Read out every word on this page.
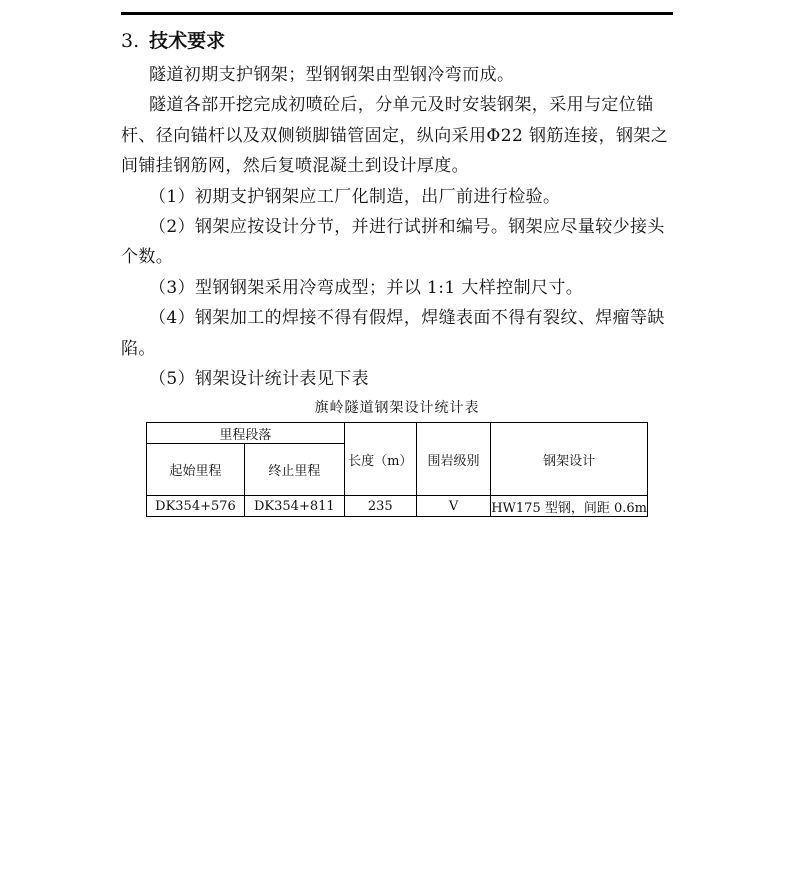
3. 技术要求

隧道初期支护钢架；型钢钢架由型钢冷弯而成。

隧道各部开挖完成初喷砼后，分单元及时安装钢架，采用与定位锚杆、径向锚杆以及双侧锁脚锚管固定，纵向采用Φ22 钢筋连接，钢架之间铺挂钢筋网，然后复喷混凝土到设计厚度。

（1）初期支护钢架应工厂化制造，出厂前进行检验。

（2）钢架应按设计分节，并进行试拼和编号。钢架应尽量较少接头个数。

（3）型钢钢架采用冷弯成型；并以 1:1 大样控制尺寸。

（4）钢架加工的焊接不得有假焊，焊缝表面不得有裂纹、焊瘤等缺陷。

（5）钢架设计统计表见下表

旗岭隧道钢架设计统计表
里程段落		长度（m）	围岩级别	钢架设计
起始里程	终止里程			
DK354+576	DK354+811	235	V	HW175 型钢，间距 0.6m
